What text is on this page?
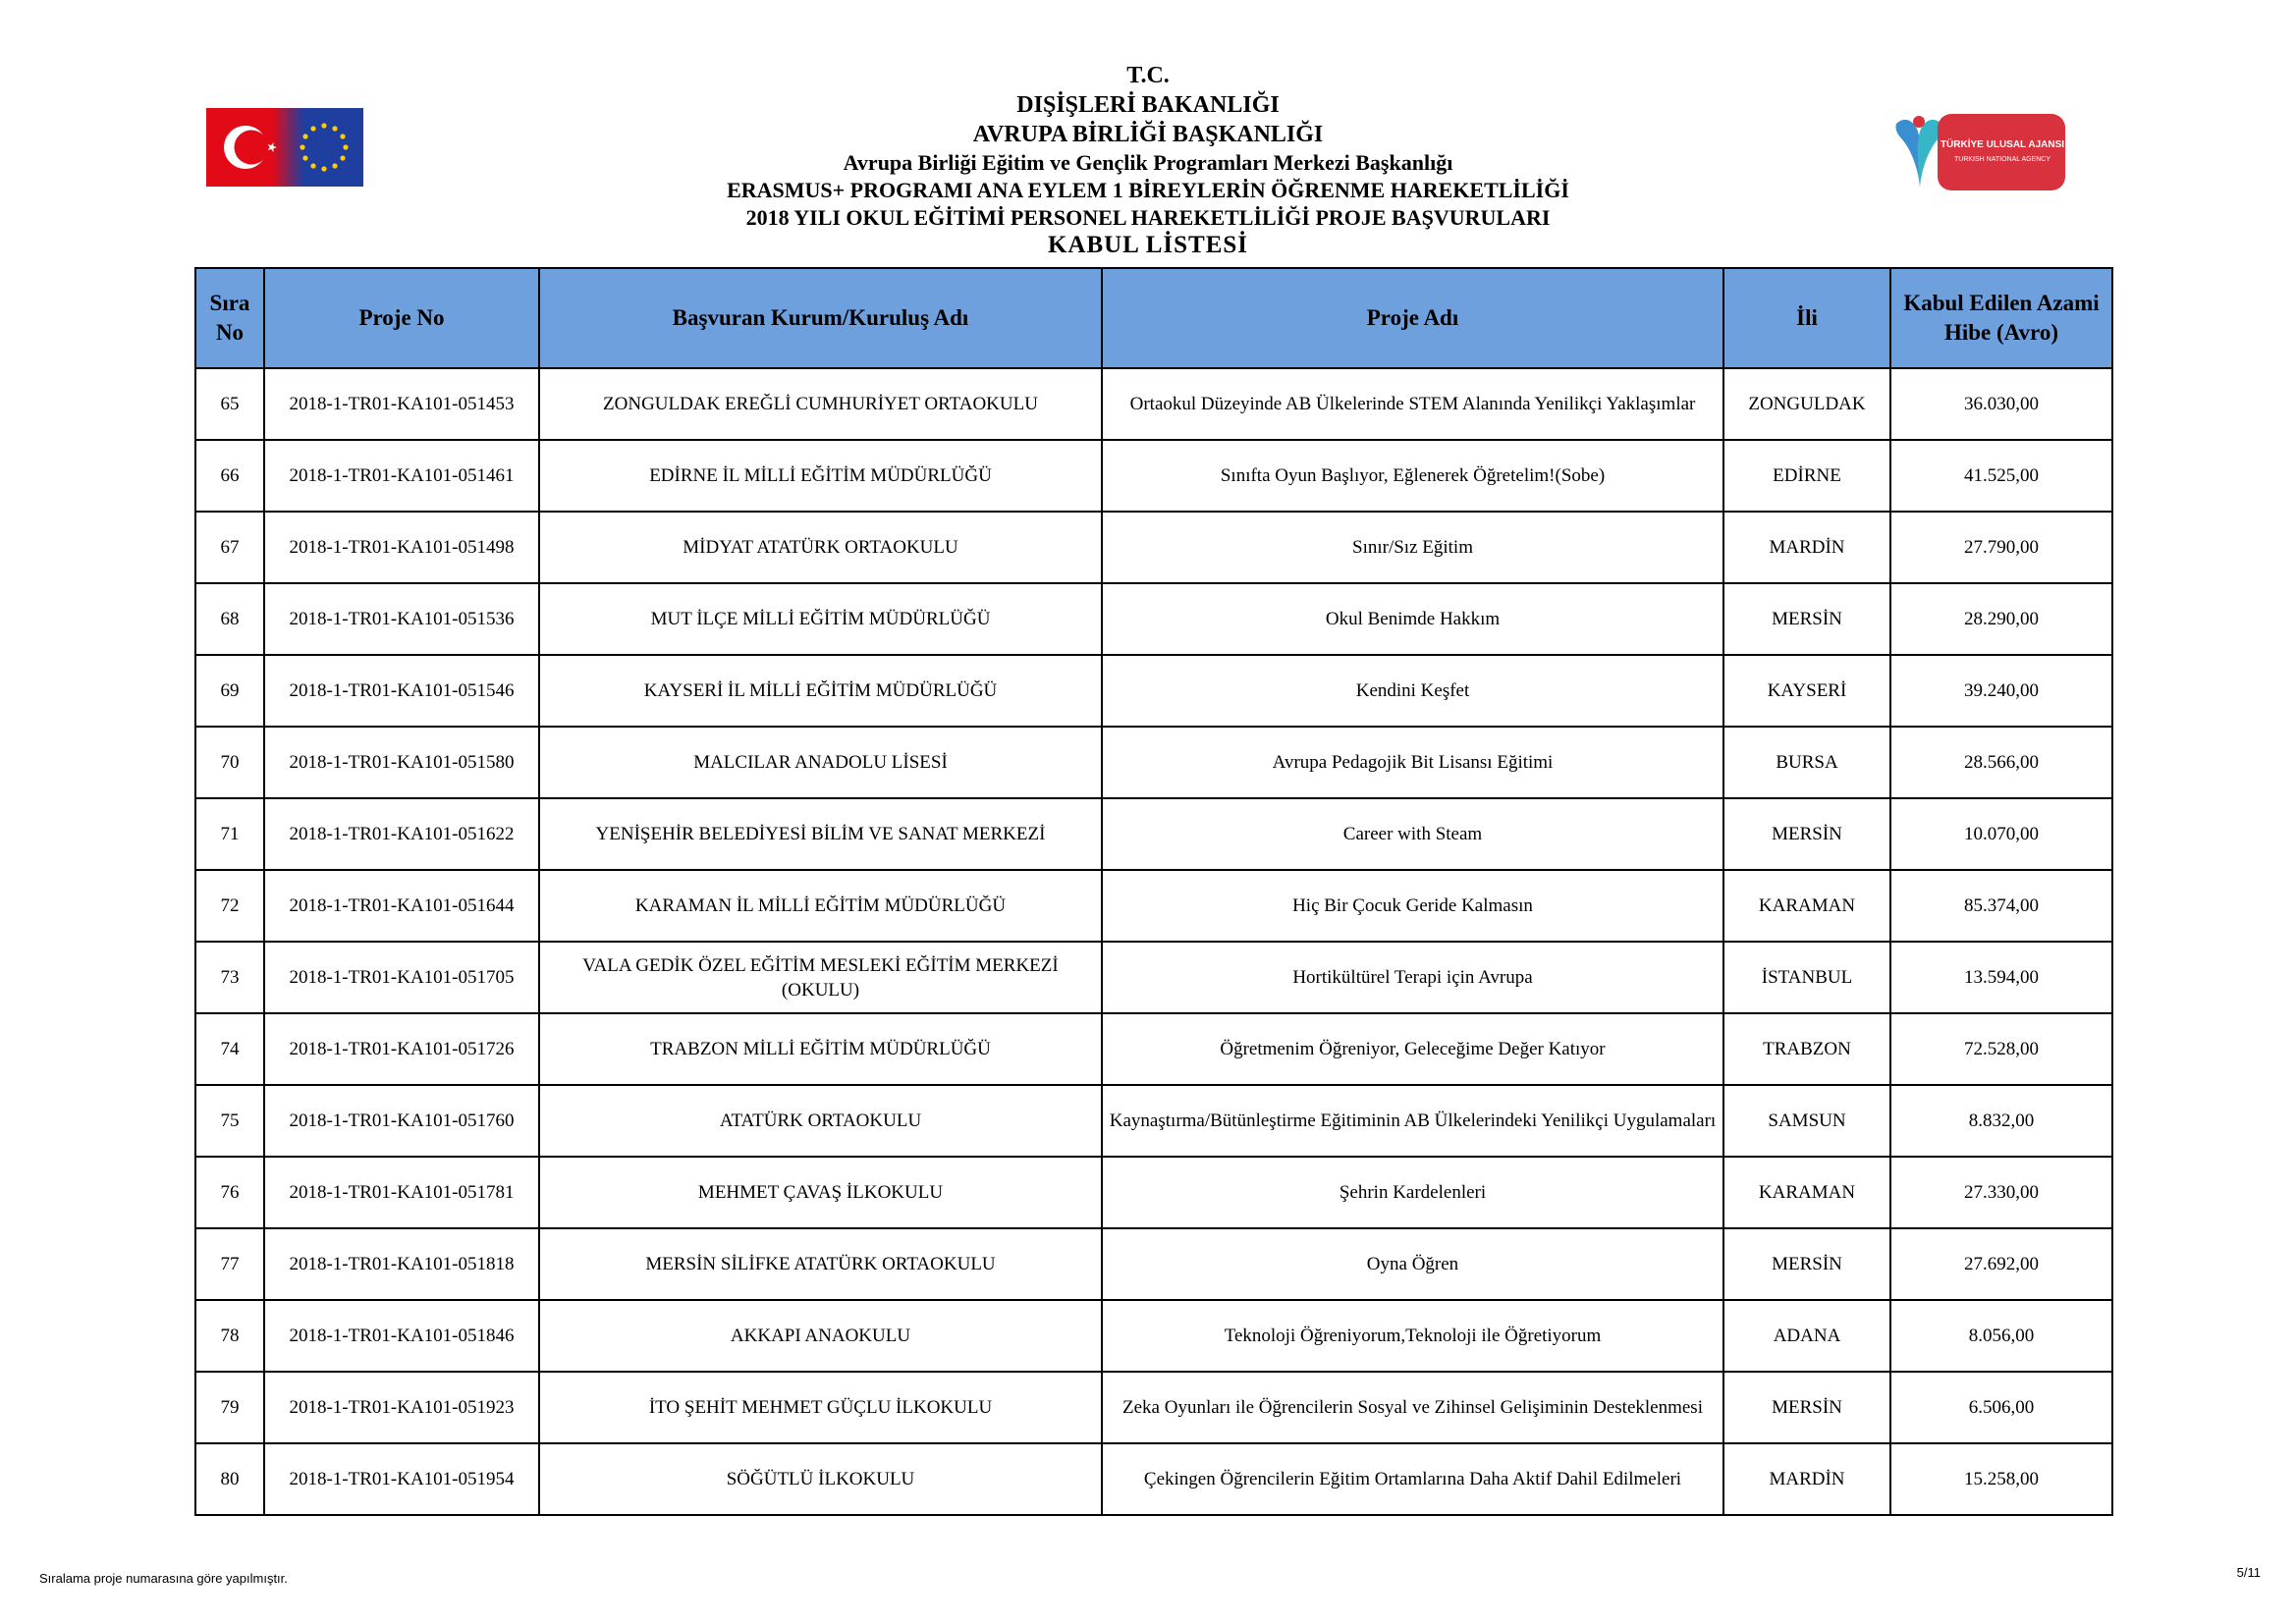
TÜRKİYE ULUSAL AJANSI
TURKISH NATIONAL AGENCY
T.C.
DIŞİŞLERİ BAKANLIĞI
AVRUPA BİRLİĞİ BAŞKANLIĞI
Avrupa Birliği Eğitim ve Gençlik Programları Merkezi Başkanlığı
ERASMUS+ PROGRAMI ANA EYLEM 1 BİREYLERİN ÖĞRENME HAREKETLİLİĞİ
2018 YILI OKUL EĞİTİMİ PERSONEL HAREKETLİLİĞİ PROJE BAŞVURULARI
KABUL LİSTESİ
Sıra No	Proje No	Başvuran Kurum/Kuruluş Adı	Proje Adı	İli	Kabul Edilen Azami Hibe (Avro)
65	2018-1-TR01-KA101-051453	ZONGULDAK EREĞLİ CUMHURİYET ORTAOKULU	Ortaokul Düzeyinde AB Ülkelerinde STEM Alanında Yenilikçi Yaklaşımlar	ZONGULDAK	36.030,00
66	2018-1-TR01-KA101-051461	EDİRNE İL MİLLİ EĞİTİM MÜDÜRLÜĞÜ	Sınıfta Oyun Başlıyor, Eğlenerek Öğretelim!(Sobe)	EDİRNE	41.525,00
67	2018-1-TR01-KA101-051498	MİDYAT ATATÜRK ORTAOKULU	Sınır/Sız Eğitim	MARDİN	27.790,00
68	2018-1-TR01-KA101-051536	MUT İLÇE MİLLİ EĞİTİM MÜDÜRLÜĞÜ	Okul Benimde Hakkım	MERSİN	28.290,00
69	2018-1-TR01-KA101-051546	KAYSERİ İL MİLLİ EĞİTİM MÜDÜRLÜĞÜ	Kendini Keşfet	KAYSERİ	39.240,00
70	2018-1-TR01-KA101-051580	MALCILAR ANADOLU LİSESİ	Avrupa Pedagojik Bit Lisansı Eğitimi	BURSA	28.566,00
71	2018-1-TR01-KA101-051622	YENİŞEHİR BELEDİYESİ BİLİM VE SANAT MERKEZİ	Career with Steam	MERSİN	10.070,00
72	2018-1-TR01-KA101-051644	KARAMAN İL MİLLİ EĞİTİM MÜDÜRLÜĞÜ	Hiç Bir Çocuk Geride Kalmasın	KARAMAN	85.374,00
73	2018-1-TR01-KA101-051705	VALA GEDİK ÖZEL EĞİTİM MESLEKİ EĞİTİM MERKEZİ (OKULU)	Hortikültürel Terapi için Avrupa	İSTANBUL	13.594,00
74	2018-1-TR01-KA101-051726	TRABZON MİLLİ EĞİTİM MÜDÜRLÜĞÜ	Öğretmenim Öğreniyor, Geleceğime Değer Katıyor	TRABZON	72.528,00
75	2018-1-TR01-KA101-051760	ATATÜRK ORTAOKULU	Kaynaştırma/Bütünleştirme Eğitiminin AB Ülkelerindeki Yenilikçi Uygulamaları	SAMSUN	8.832,00
76	2018-1-TR01-KA101-051781	MEHMET ÇAVAŞ İLKOKULU	Şehrin Kardelenleri	KARAMAN	27.330,00
77	2018-1-TR01-KA101-051818	MERSİN SİLİFKE ATATÜRK ORTAOKULU	Oyna Öğren	MERSİN	27.692,00
78	2018-1-TR01-KA101-051846	AKKAPI ANAOKULU	Teknoloji Öğreniyorum,Teknoloji ile Öğretiyorum	ADANA	8.056,00
79	2018-1-TR01-KA101-051923	İTO ŞEHİT MEHMET GÜÇLU İLKOKULU	Zeka Oyunları ile Öğrencilerin Sosyal ve Zihinsel Gelişiminin Desteklenmesi	MERSİN	6.506,00
80	2018-1-TR01-KA101-051954	SÖĞÜTLÜ İLKOKULU	Çekingen Öğrencilerin Eğitim Ortamlarına Daha Aktif Dahil Edilmeleri	MARDİN	15.258,00
Sıralama proje numarasına göre yapılmıştır.	5/11
